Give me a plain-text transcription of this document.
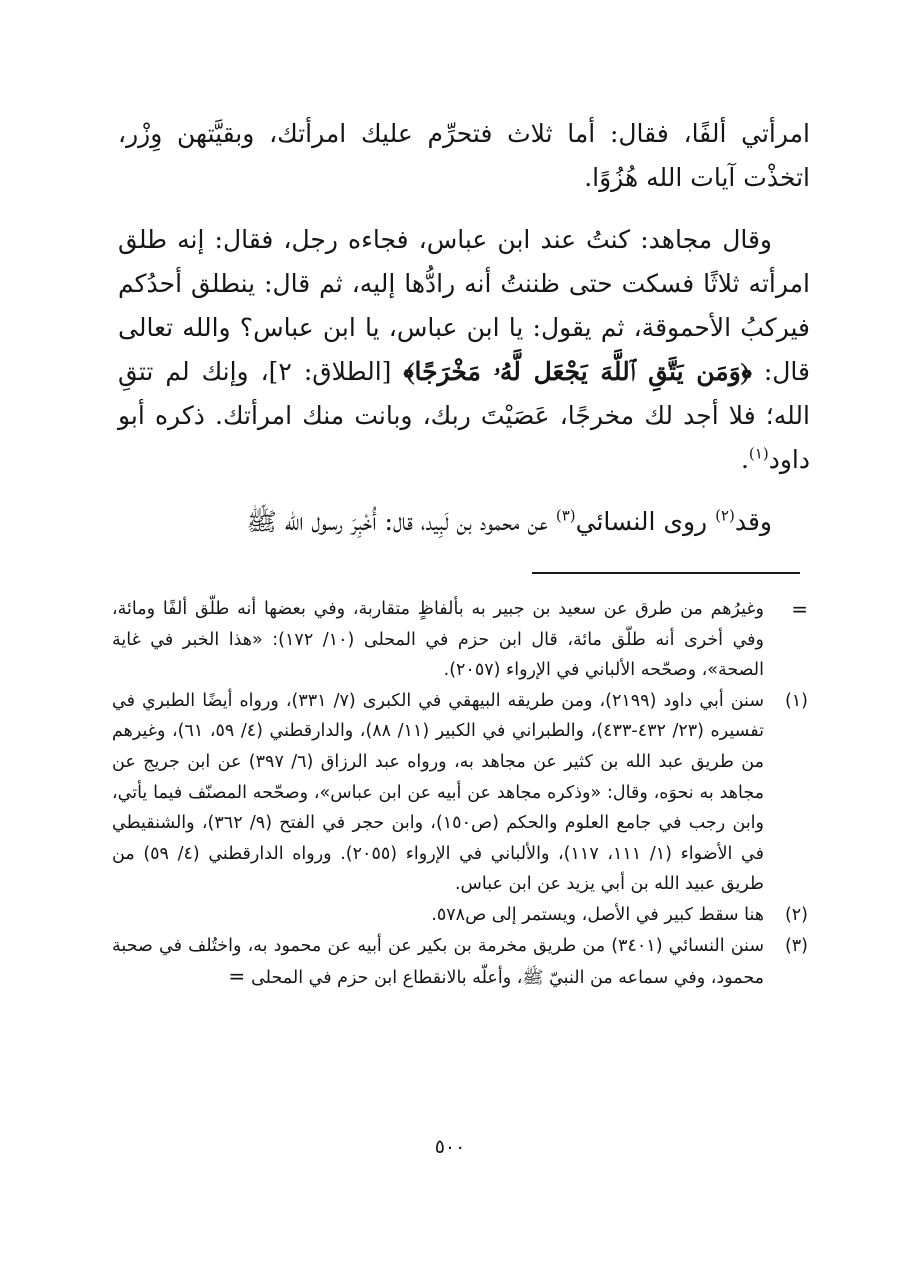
امرأتي ألفًا، فقال: أما ثلاث فتحرِّم عليك امرأتك، وبقيَّتهن وِزْر، اتخذْت آيات الله هُزُوًا.

وقال مجاهد: كنتُ عند ابن عباس، فجاءه رجل، فقال: إنه طلق امرأته ثلاثًا فسكت حتى ظننتُ أنه رادُّها إليه، ثم قال: ينطلق أحدُكم فيركبُ الأحموقة، ثم يقول: يا ابن عباس، يا ابن عباس؟ والله تعالى قال: ﴿وَمَن يَتَّقِ ٱللَّهَ يَجْعَل لَّهُۥ مَخْرَجًا﴾ [الطلاق: ٢]، وإنك لم تتقِ الله؛ فلا أجد لك مخرجًا، عَصَيْتَ ربك، وبانت منك امرأتك. ذكره أبو داود$^{(١)}$.

وقد$^{(٢)}$ روى النسائي$^{(٣)}$ عن محمود بن لَبِيد، قال: أُخْبِرَ رسول الله ﷺ

=
وغيرُهم من طرق عن سعيد بن جبير به بألفاظٍ متقاربة، وفي بعضها أنه طلّق ألفًا ومائة، وفي أخرى أنه طلّق مائة، قال ابن حزم في المحلى (١٠/ ١٧٢): «هذا الخبر في غاية الصحة»، وصحّحه الألباني في الإرواء (٢٠٥٧).

(١)
سنن أبي داود (٢١٩٩)، ومن طريقه البيهقي في الكبرى (٧/ ٣٣١)، ورواه أيضًا الطبري في تفسيره (٢٣/ ٤٣٢-٤٣٣)، والطبراني في الكبير (١١/ ٨٨)، والدارقطني (٤/ ٥٩، ٦١)، وغيرهم من طريق عبد الله بن كثير عن مجاهد به، ورواه عبد الرزاق (٦/ ٣٩٧) عن ابن جريج عن مجاهد به نحوَه، وقال: «وذكره مجاهد عن أبيه عن ابن عباس»، وصحّحه المصنّف فيما يأتي، وابن رجب في جامع العلوم والحكم (ص١٥٠)، وابن حجر في الفتح (٩/ ٣٦٢)، والشنقيطي في الأضواء (١/ ١١١، ١١٧)، والألباني في الإرواء (٢٠٥٥). ورواه الدارقطني (٤/ ٥٩) من طريق عبيد الله بن أبي يزيد عن ابن عباس.

(٢)
هنا سقط كبير في الأصل، ويستمر إلى ص٥٧٨.

(٣)
سنن النسائي (٣٤٠١) من طريق مخرمة بن بكير عن أبيه عن محمود به، واختُلف في صحبة محمود، وفي سماعه من النبيّ ﷺ، وأعلّه بالانقطاع ابن حزم في المحلى=

٥٠٠
